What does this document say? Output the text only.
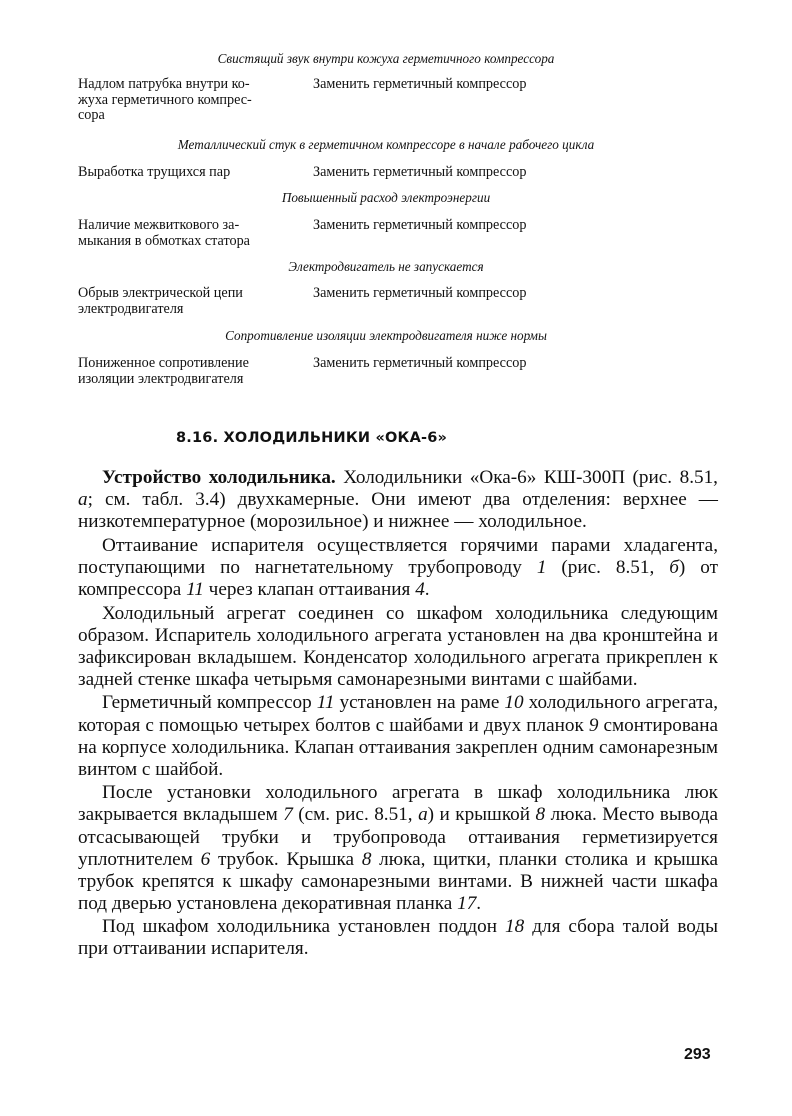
Свистящий звук внутри кожуха герметичного компрессора
Надлом патрубка внутри ко-
жуха герметичного компрес-
сора
Заменить герметичный компрессор
Металлический стук в герметичном компрессоре в начале рабочего цикла
Выработка трущихся пар	Заменить герметичный компрессор
Повышенный расход электроэнергии
Наличие межвиткового за-
мыкания в обмотках статора
Заменить герметичный компрессор
Электродвигатель не запускается
Обрыв электрической цепи
электродвигателя
Заменить герметичный компрессор
Сопротивление изоляции электродвигателя ниже нормы
Пониженное сопротивление
изоляции электродвигателя
Заменить герметичный компрессор
8.16. ХОЛОДИЛЬНИКИ «ОКА-6»

Устройство холодильника. Холодильники «Ока-6» КШ-300П (рис. 8.51, а; см. табл. 3.4) двухкамерные. Они имеют два отделения: верхнее — низкотемпературное (морозильное) и нижнее — холодильное.

Оттаивание испарителя осуществляется горячими парами хладагента, поступающими по нагнетательному трубопроводу 1 (рис. 8.51, б) от компрессора 11 через клапан оттаивания 4.

Холодильный агрегат соединен со шкафом холодильника следующим образом. Испаритель холодильного агрегата установлен на два кронштейна и зафиксирован вкладышем. Конденсатор холодильного агрегата прикреплен к задней стенке шкафа четырьмя самонарезными винтами с шайбами.

Герметичный компрессор 11 установлен на раме 10 холодильного агрегата, которая с помощью четырех болтов с шайбами и двух планок 9 смонтирована на корпусе холодильника. Клапан оттаивания закреплен одним самонарезным винтом с шайбой.

После установки холодильного агрегата в шкаф холодильника люк закрывается вкладышем 7 (см. рис. 8.51, а) и крышкой 8 люка. Место вывода отсасывающей трубки и трубопровода оттаивания герметизируется уплотнителем 6 трубок. Крышка 8 люка, щитки, планки столика и крышка трубок крепятся к шкафу самонарезными винтами. В нижней части шкафа под дверью установлена декоративная планка 17.

Под шкафом холодильника установлен поддон 18 для сбора талой воды при оттаивании испарителя.

293
